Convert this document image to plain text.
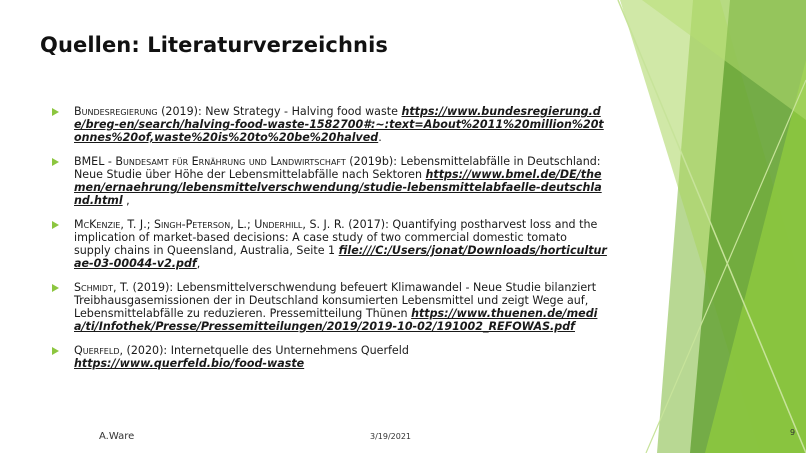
Quellen: Literaturverzeichnis
Bundesregierung (2019): New Strategy - Halving food waste https://www.bundesregierung.de/breg-en/search/halving-food-waste-1582700#:~:text=About%2011%20million%20tonnes%20of,waste%20is%20to%20be%20halved.
BMEL - Bundesamt für Ernährung und Landwirtschaft (2019b): Lebensmittelabfälle in Deutschland: Neue Studie über Höhe der Lebensmittelabfälle nach Sektoren https://www.bmel.de/DE/themen/ernaehrung/lebensmittelverschwendung/studie-lebensmittelabfaelle-deutschland.html ,
McKenzie, T. J.; Singh-Peterson, L.; Underhill, S. J. R. (2017): Quantifying postharvest loss and the implication of market-based decisions: A case study of two commercial domestic tomato supply chains in Queensland, Australia, Seite 1 file:///C:/Users/jonat/Downloads/horticulturae-03-00044-v2.pdf,
Schmidt, T. (2019): Lebensmittelverschwendung befeuert Klimawandel - Neue Studie bilanziert Treibhausgasemissionen der in Deutschland konsumierten Lebensmittel und zeigt Wege auf, Lebensmittelabfälle zu reduzieren. Pressemitteilung Thünen https://www.thuenen.de/media/ti/Infothek/Presse/Pressemitteilungen/2019/2019-10-02/191002_REFOWAS.pdf
Querfeld, (2020): Internetquelle des Unternehmens Querfeld
https://www.querfeld.bio/food-waste
A.Ware	3/19/2021	9
